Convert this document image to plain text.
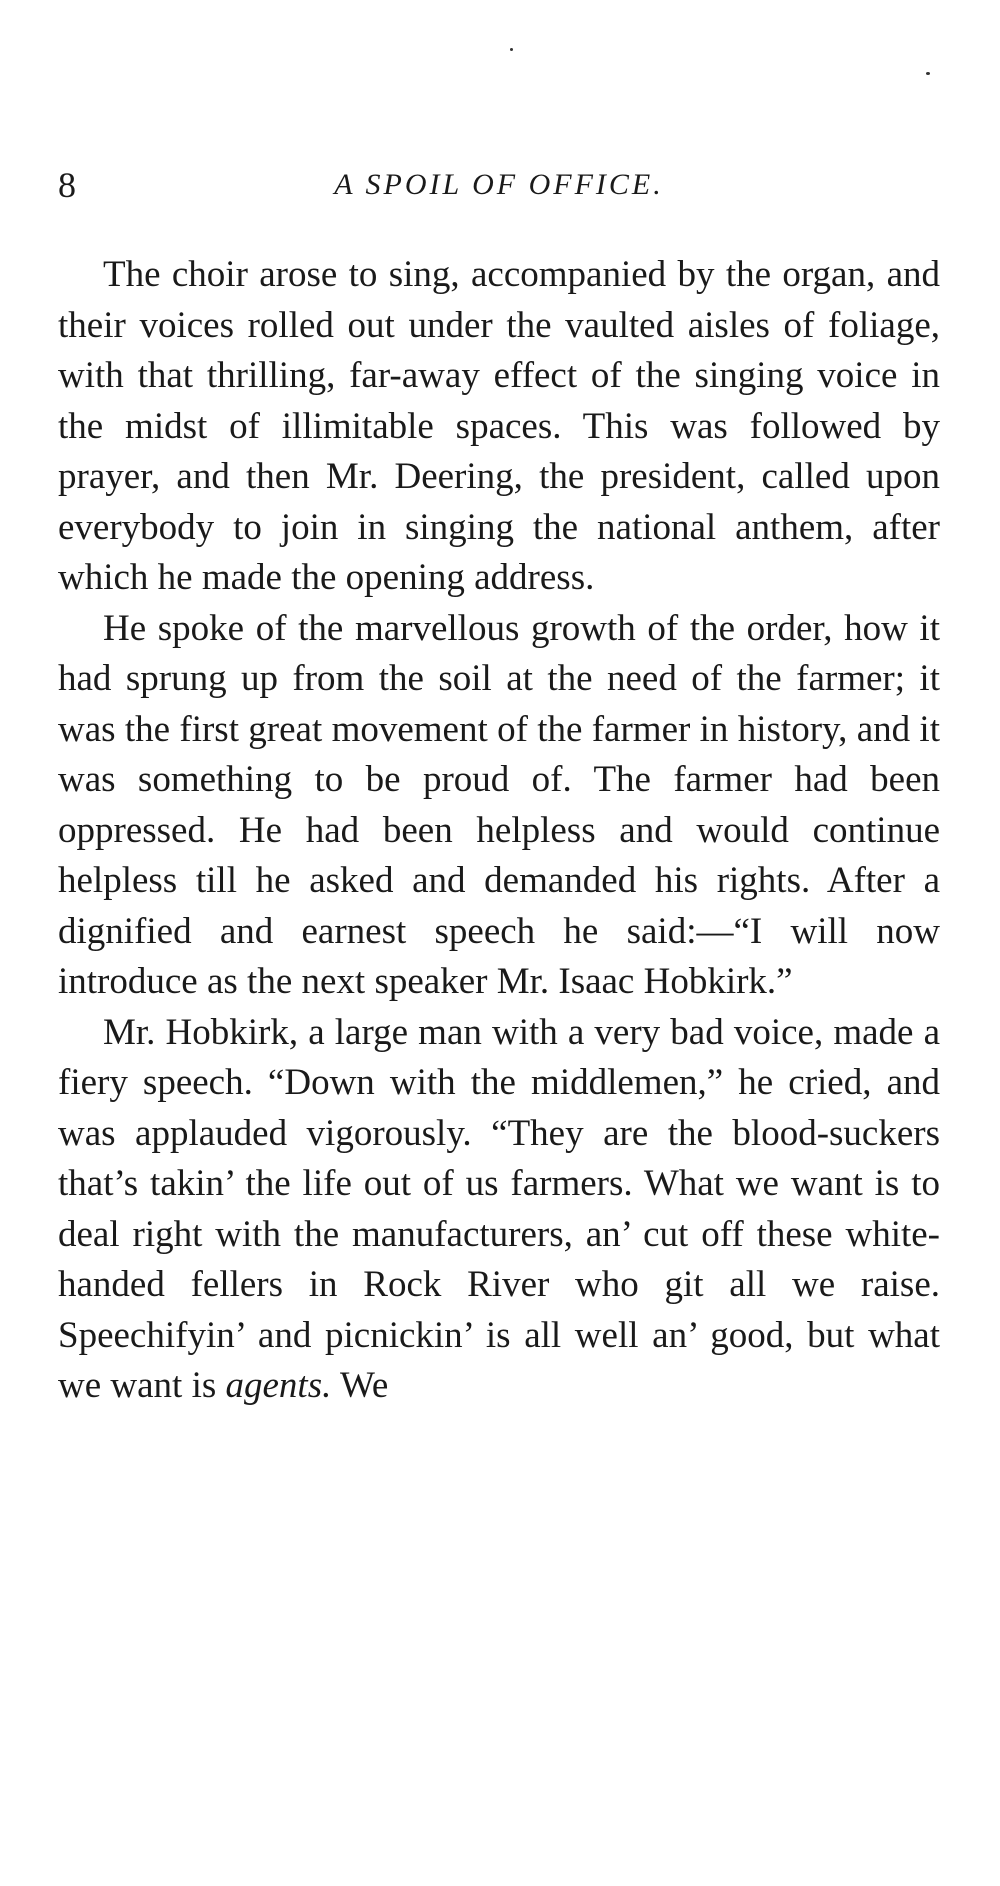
8	A SPOIL OF OFFICE.

The choir arose to sing, accompanied by the organ, and their voices rolled out under the vaulted aisles of foliage, with that thrilling, far-away effect of the singing voice in the midst of illimitable spaces. This was followed by prayer, and then Mr. Deering, the president, called upon everybody to join in singing the national anthem, after which he made the opening address.

He spoke of the marvellous growth of the order, how it had sprung up from the soil at the need of the farmer; it was the first great movement of the farmer in history, and it was something to be proud of. The farmer had been oppressed. He had been helpless and would continue helpless till he asked and demanded his rights. After a dignified and earnest speech he said:—“I will now introduce as the next speaker Mr. Isaac Hobkirk.”

Mr. Hobkirk, a large man with a very bad voice, made a fiery speech. “Down with the middlemen,” he cried, and was applauded vigorously. “They are the blood-suckers that’s takin’ the life out of us farmers. What we want is to deal right with the manufacturers, an’ cut off these white-handed fellers in Rock River who git all we raise. Speechifyin’ and picnickin’ is all well an’ good, but what we want is agents. We
